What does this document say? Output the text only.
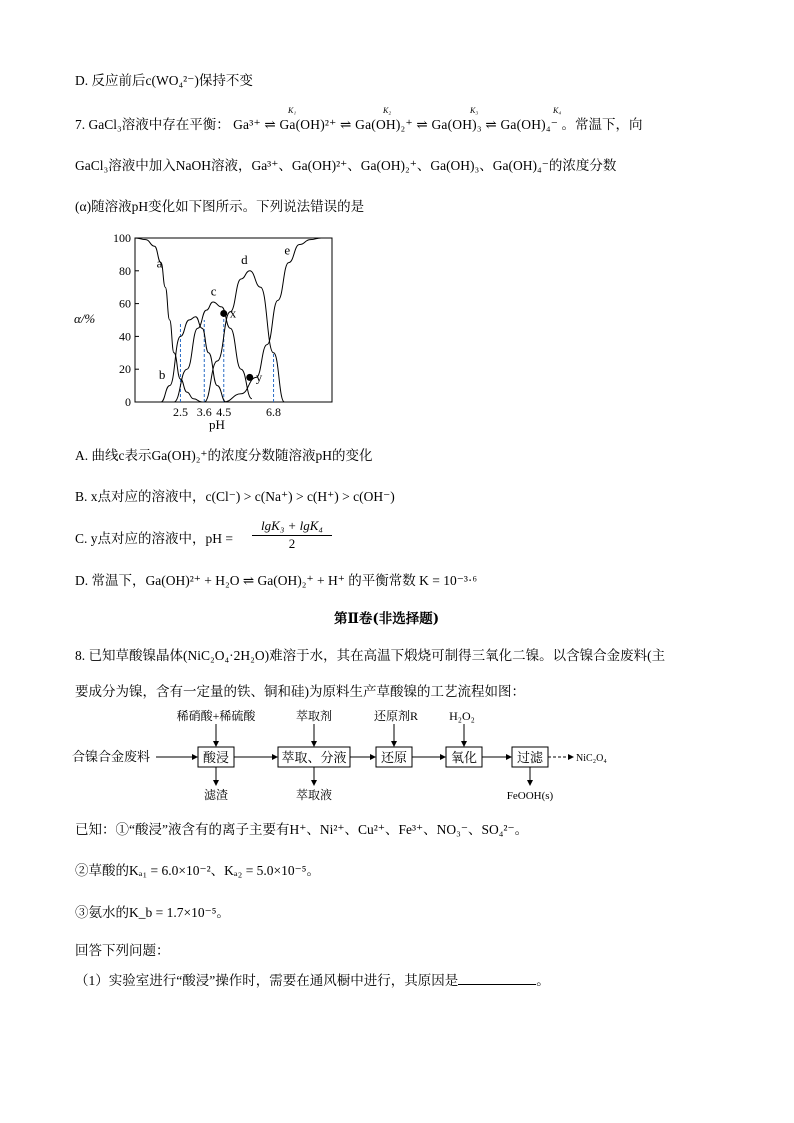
D. 反应前后c(WO₄²⁻)保持不变
7. GaCl₃溶液中存在平衡： Ga³⁺ ⇌ Ga(OH)²⁺ ⇌ Ga(OH)₂⁺ ⇌ Ga(OH)₃ ⇌ Ga(OH)₄⁻ 。常温下，向
K₁	K₂	K₃	K₄
GaCl₃溶液中加入NaOH溶液，Ga³⁺、Ga(OH)²⁺、Ga(OH)₂⁺、Ga(OH)₃、Ga(OH)₄⁻的浓度分数
(α)随溶液pH变化如下图所示。下列说法错误的是
0
20
40
60
80
100
2.5 3.6 4.5	6.8
a
b
c
d
e
x
y
α/%
pH
A. 曲线c表示Ga(OH)₂⁺的浓度分数随溶液pH的变化
B. x点对应的溶液中，c(Cl⁻) > c(Na⁺) > c(H⁺) > c(OH⁻)
C. y点对应的溶液中，pH = $\frac{\text{lgK₃ + lgK₄}}{2}$
D. 常温下，Ga(OH)²⁺ + H₂O ⇌ Ga(OH)₂⁺ + H⁺ 的平衡常数 K = 10⁻³·⁶
第Ⅱ卷(非选择题)
8. 已知草酸镍晶体(NiC₂O₄·2H₂O)难溶于水，其在高温下煅烧可制得三氧化二镍。以含镍合金废料(主
要成分为镍，含有一定量的铁、铜和硅)为原料生产草酸镍的工艺流程如图：
合镍合金废料	酸浸	萃取、分液	还原	氧化	过滤	NiC₂O₄
稀硝酸+稀硫酸	萃取剂	还原剂R	H₂O₂
滤渣	萃取液	FeOOH(s)
已知：①“酸浸”液含有的离子主要有H⁺、Ni²⁺、Cu²⁺、Fe³⁺、NO₃⁻、SO₄²⁻。
②草酸的Kₐ₁ = 6.0×10⁻²、Kₐ₂ = 5.0×10⁻⁵。
③氨水的K_b = 1.7×10⁻⁵。
回答下列问题：
（1）实验室进行“酸浸”操作时，需要在通风橱中进行，其原因是	。
